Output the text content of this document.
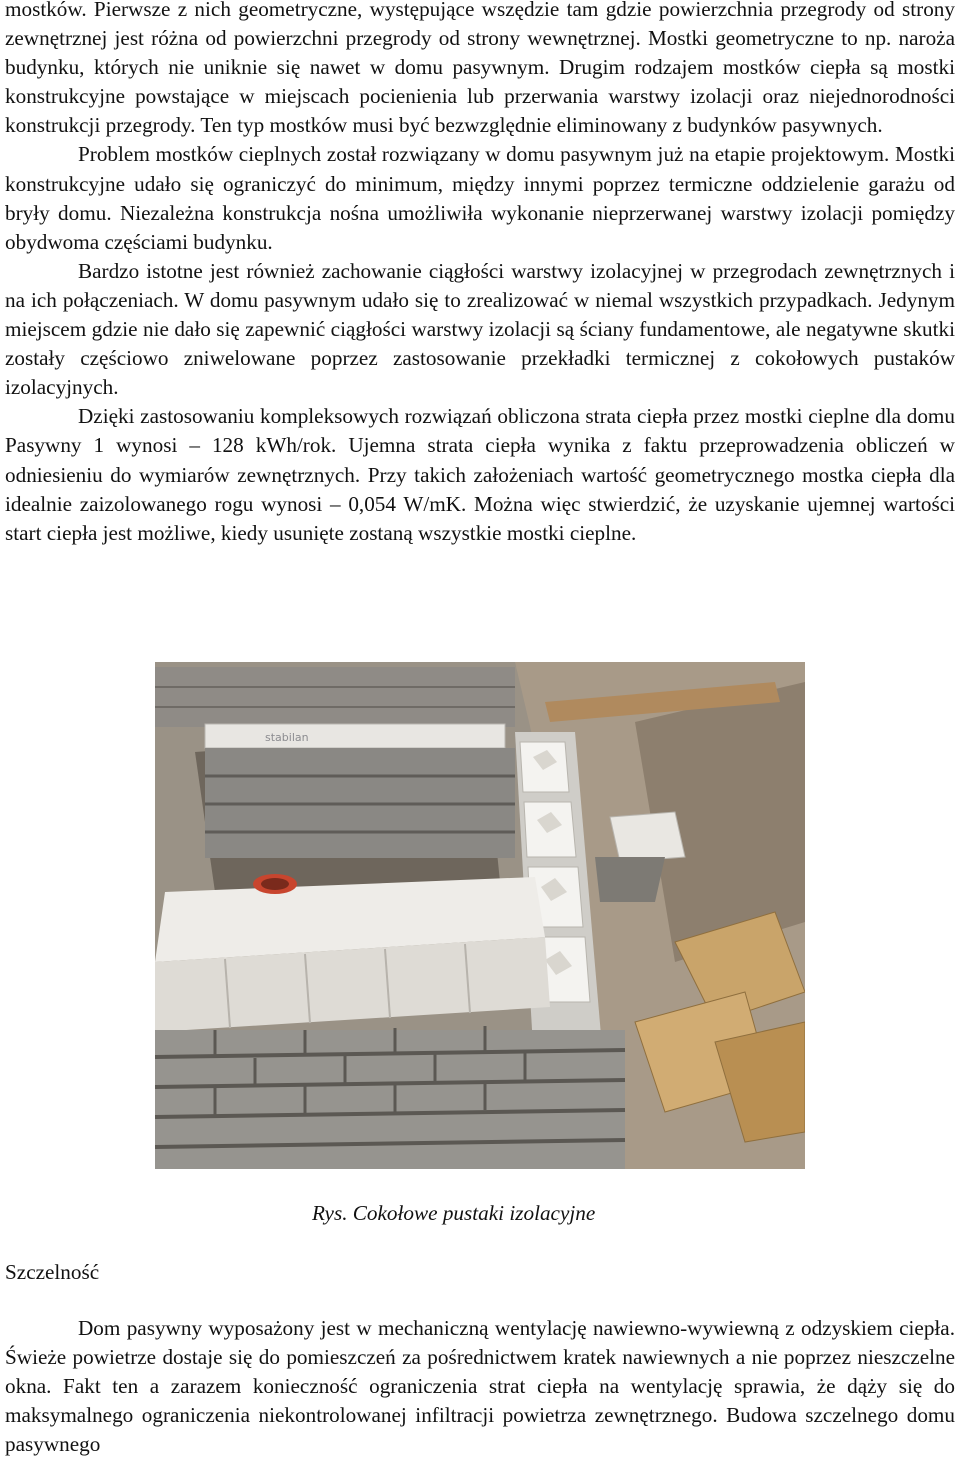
mostków. Pierwsze z nich geometryczne, występujące wszędzie tam gdzie powierzchnia przegrody od strony zewnętrznej jest różna od powierzchni przegrody od strony wewnętrznej. Mostki geometryczne to np. naroża budynku, których nie uniknie się nawet w domu pasywnym. Drugim rodzajem mostków ciepła są mostki konstrukcyjne powstające w miejscach pocienienia lub przerwania warstwy izolacji oraz niejednorodności konstrukcji przegrody. Ten typ mostków musi być bezwzględnie eliminowany z budynków pasywnych.

Problem mostków cieplnych został rozwiązany w domu pasywnym już na etapie projektowym. Mostki konstrukcyjne udało się ograniczyć do minimum, między innymi poprzez termiczne oddzielenie garażu od bryły domu. Niezależna konstrukcja nośna umożliwiła wykonanie nieprzerwanej warstwy izolacji pomiędzy obydwoma częściami budynku.

Bardzo istotne jest również zachowanie ciągłości warstwy izolacyjnej w przegrodach zewnętrznych i na ich połączeniach. W domu pasywnym udało się to zrealizować w niemal wszystkich przypadkach. Jedynym miejscem gdzie nie dało się zapewnić ciągłości warstwy izolacji są ściany fundamentowe, ale negatywne skutki zostały częściowo zniwelowane poprzez zastosowanie przekładki termicznej z cokołowych pustaków izolacyjnych.

Dzięki zastosowaniu kompleksowych rozwiązań obliczona strata ciepła przez mostki cieplne dla domu Pasywny 1 wynosi – 128 kWh/rok. Ujemna strata ciepła wynika z faktu przeprowadzenia obliczeń w odniesieniu do wymiarów zewnętrznych. Przy takich założeniach wartość geometrycznego mostka ciepła dla idealnie zaizolowanego rogu wynosi – 0,054 W/mK. Można więc stwierdzić, że uzyskanie ujemnej wartości start ciepła jest możliwe, kiedy usunięte zostaną wszystkie mostki cieplne.

stabilan
Rys. Cokołowe pustaki izolacyjne
Szczelność

Dom pasywny wyposażony jest w mechaniczną wentylację nawiewno-wywiewną z odzyskiem ciepła. Świeże powietrze dostaje się do pomieszczeń za pośrednictwem kratek nawiewnych a nie poprzez nieszczelne okna. Fakt ten a zarazem konieczność ograniczenia strat ciepła na wentylację sprawia, że dąży się do maksymalnego ograniczenia niekontrolowanej infiltracji powietrza zewnętrznego. Budowa szczelnego domu pasywnego
